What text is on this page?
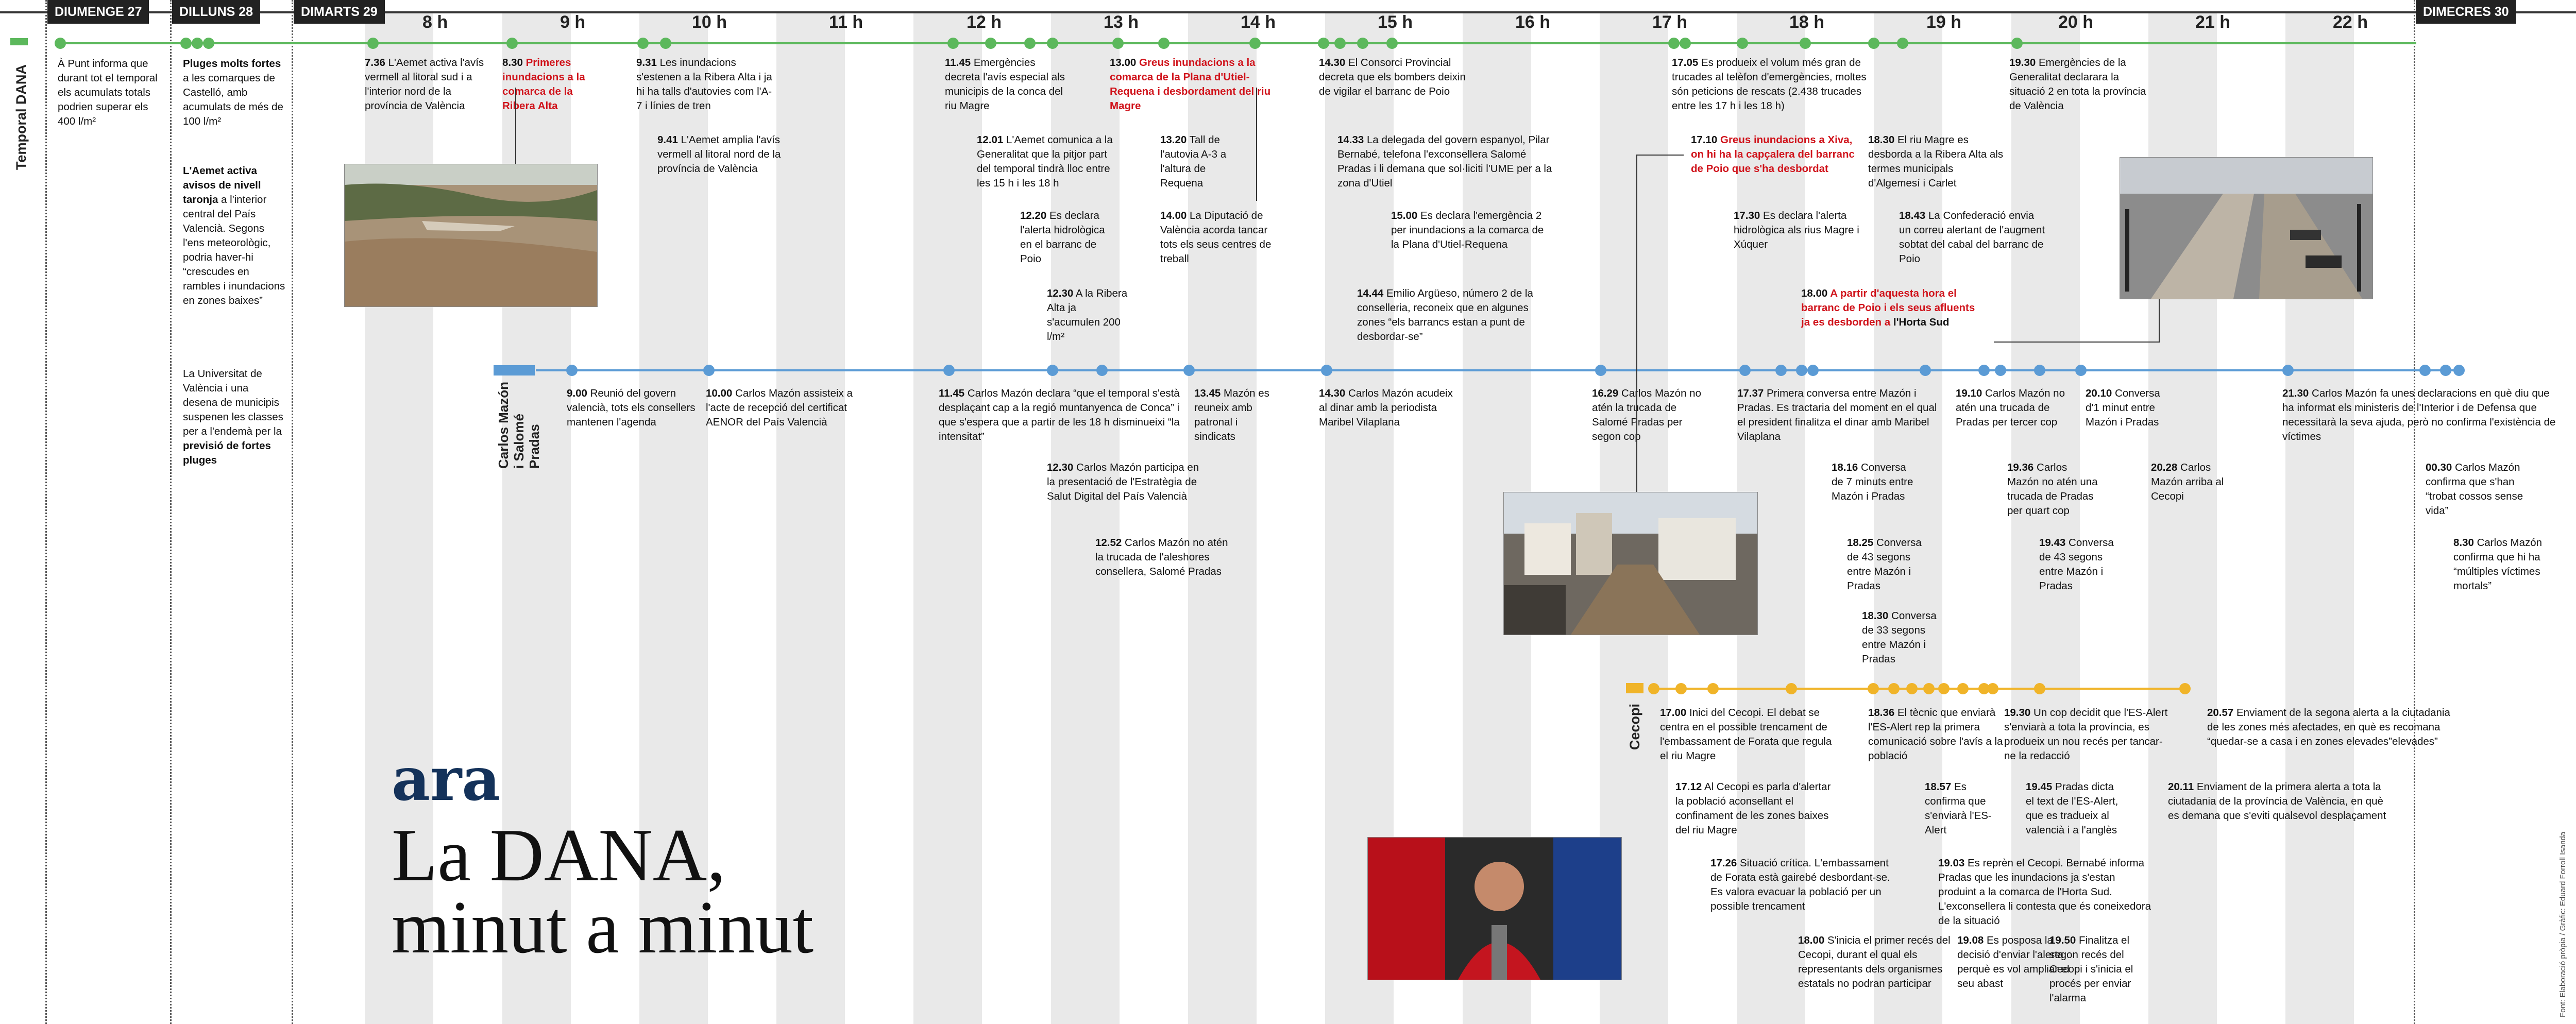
DIUMENGE 27	DILLUNS 28	DIMARTS 29	DIMECRES 30
8 h	9 h	10 h	11 h	12 h	13 h	14 h	15 h	16 h	17 h	18 h	19 h	20 h	21 h	22 h
Temporal DANA
Carlos Mazón i Salomé Pradas
Cecopi
À Punt informa que durant tot el temporal els acumulats totals podrien superar els 400 l/m²
Pluges molts fortes a les comarques de Castelló, amb acumulats de més de 100 l/m²
L'Aemet activa avisos de nivell taronja a l'interior central del País Valencià. Segons l'ens meteorològic, podria haver-hi “crescudes en rambles i inundacions en zones baixes”
La Universitat de València i una desena de municipis suspenen les classes per a l'endemà per la previsió de fortes pluges
7.36 L'Aemet activa l'avís vermell al litoral sud i a l'interior nord de la província de València
8.30 Primeres inundacions a la comarca de la Ribera Alta
9.31 Les inundacions s'estenen a la Ribera Alta i ja hi ha talls d'autovies com l'A-7 i línies de tren
9.41 L'Aemet amplia l'avís vermell al litoral nord de la província de València
11.45 Emergències decreta l'avís especial als municipis de la conca del riu Magre
12.01 L'Aemet comunica a la Generalitat que la pitjor part del temporal tindrà lloc entre les 15 h i les 18 h
12.20 Es declara l'alerta hidrològica en el barranc de Poio
12.30 A la Ribera Alta ja s'acumulen 200 l/m²
13.00 Greus inundacions a la comarca de la Plana d'Utiel-Requena i desbordament del riu Magre
13.20 Tall de l'autovia A-3 a l'altura de Requena
14.00 La Diputació de València acorda tancar tots els seus centres de treball
14.30 El Consorci Provincial decreta que els bombers deixin de vigilar el barranc de Poio
14.33 La delegada del govern espanyol, Pilar Bernabé, telefona l'exconsellera Salomé Pradas i li demana que sol·liciti l'UME per a la zona d'Utiel
15.00 Es declara l'emergència 2 per inundacions a la comarca de la Plana d'Utiel-Requena
14.44 Emilio Argüeso, número 2 de la conselleria, reconeix que en algunes zones “els barrancs estan a punt de desbordar-se”
17.05 Es produeix el volum més gran de trucades al telèfon d'emergències, moltes són peticions de rescats (2.438 trucades entre les 17 h i les 18 h)
17.10 Greus inundacions a Xiva, on hi ha la capçalera del barranc de Poio que s'ha desbordat
17.30 Es declara l'alerta hidrològica als rius Magre i Xúquer
18.00 A partir d'aquesta hora el barranc de Poio i els seus afluents ja es desborden a l'Horta Sud
18.30 El riu Magre es desborda a la Ribera Alta als termes municipals d'Algemesí i Carlet
18.43 La Confederació envia un correu alertant de l'augment sobtat del cabal del barranc de Poio
19.30 Emergències de la Generalitat declarara la situació 2 en tota la província de València
9.00 Reunió del govern valencià, tots els consellers mantenen l'agenda
10.00 Carlos Mazón assisteix a l'acte de recepció del certificat AENOR del País Valencià
11.45 Carlos Mazón declara “que el temporal s'està desplaçant cap a la regió muntanyenca de Conca” i que s'espera que a partir de les 18 h disminueixi “la intensitat”
12.30 Carlos Mazón participa en la presentació de l'Estratègia de Salut Digital del País Valencià
12.52 Carlos Mazón no atén la trucada de l'aleshores consellera, Salomé Pradas
13.45 Mazón es reuneix amb patronal i sindicats
14.30 Carlos Mazón acudeix al dinar amb la periodista Maribel Vilaplana
16.29 Carlos Mazón no atén la trucada de Salomé Pradas per segon cop
17.37 Primera conversa entre Mazón i Pradas. Es tractaria del moment en el qual el president finalitza el dinar amb Maribel Vilaplana
18.16 Conversa de 7 minuts entre Mazón i Pradas
18.25 Conversa de 43 segons entre Mazón i Pradas
18.30 Conversa de 33 segons entre Mazón i Pradas
19.10 Carlos Mazón no atén una trucada de Pradas per tercer cop
19.36 Carlos Mazón no atén una trucada de Pradas per quart cop
19.43 Conversa de 43 segons entre Mazón i Pradas
20.10 Conversa d'1 minut entre Mazón i Pradas
20.28 Carlos Mazón arriba al Cecopi
21.30 Carlos Mazón fa unes declaracions en què diu que ha informat els ministeris de l'Interior i de Defensa que necessitarà la seva ajuda, però no confirma l'existència de víctimes
00.30 Carlos Mazón confirma que s'han “trobat cossos sense vida”
8.30 Carlos Mazón confirma que hi ha “múltiples víctimes mortals”
17.00 Inici del Cecopi. El debat se centra en el possible trencament de l'embassament de Forata que regula el riu Magre
17.12 Al Cecopi es parla d'alertar la població aconsellant el confinament de les zones baixes del riu Magre
17.26 Situació crítica. L'embassament de Forata està gairebé desbordant-se. Es valora evacuar la població per un possible trencament
18.00 S'inicia el primer recés del Cecopi, durant el qual els representants dels organismes estatals no podran participar
18.36 El tècnic que enviarà l'ES-Alert rep la primera comunicació sobre l'avís a la població
18.57 Es confirma que s'enviarà l'ES-Alert
19.03 Es reprèn el Cecopi. Bernabé informa Pradas que les inundacions ja s'estan produint a la comarca de l'Horta Sud. L'exconsellera li contesta que és coneixedora de la situació
19.08 Es posposa la decisió d'enviar l'alerta perquè es vol ampliar el seu abast
19.30 Un cop decidit que l'ES-Alert s'enviarà a tota la província, es produeix un nou recés per tancar-ne la redacció
19.45 Pradas dicta el text de l'ES-Alert, que es tradueix al valencià i a l'anglès
19.50 Finalitza el segon recés del Cecopi i s'inicia el procés per enviar l'alarma
20.57 Enviament de la segona alerta a la ciutadania de les zones més afectades, en què es recomana “quedar-se a casa i en zones elevades”elevades”
20.11 Enviament de la primera alerta a tota la ciutadania de la província de València, en què es demana que s'eviti qualsevol desplaçament
ara
La DANA,
minut a minut	Font: Elaboració pròpia / Gràfic: Eduard Forroll Isanda
